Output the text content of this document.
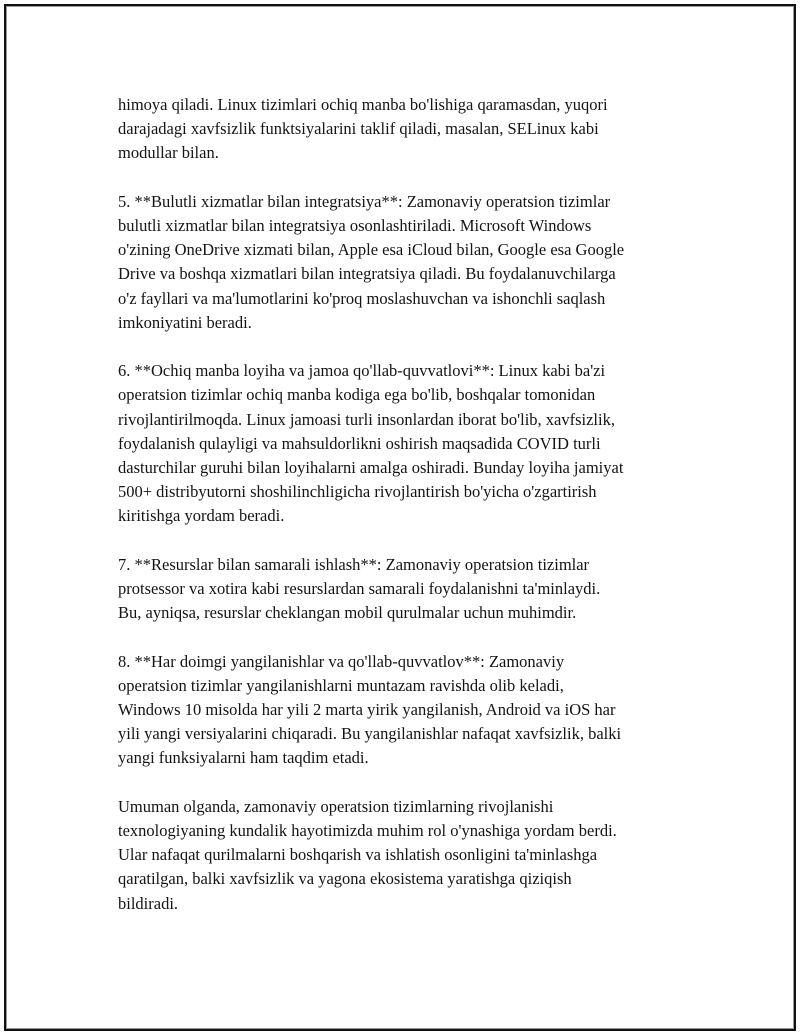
himoya qiladi. Linux tizimlari ochiq manba bo'lishiga qaramasdan, yuqori
darajadagi xavfsizlik funktsiyalarini taklif qiladi, masalan, SELinux kabi
modullar bilan.

5. **Bulutli xizmatlar bilan integratsiya**: Zamonaviy operatsion tizimlar
bulutli xizmatlar bilan integratsiya osonlashtiriladi. Microsoft Windows
o'zining OneDrive xizmati bilan, Apple esa iCloud bilan, Google esa Google
Drive va boshqa xizmatlari bilan integratsiya qiladi. Bu foydalanuvchilarga
o'z fayllari va ma'lumotlarini ko'proq moslashuvchan va ishonchli saqlash
imkoniyatini beradi.

6. **Ochiq manba loyiha va jamoa qo'llab-quvvatlovi**: Linux kabi ba'zi
operatsion tizimlar ochiq manba kodiga ega bo'lib, boshqalar tomonidan
rivojlantirilmoqda. Linux jamoasi turli insonlardan iborat bo'lib, xavfsizlik,
foydalanish qulayligi va mahsuldorlikni oshirish maqsadida COVID turli
dasturchilar guruhi bilan loyihalarni amalga oshiradi. Bunday loyiha jamiyat
500+ distribyutorni shoshilinchligicha rivojlantirish bo'yicha o'zgartirish
kiritishga yordam beradi.

7. **Resurslar bilan samarali ishlash**: Zamonaviy operatsion tizimlar
protsessor va xotira kabi resurslardan samarali foydalanishni ta'minlaydi.
Bu, ayniqsa, resurslar cheklangan mobil qurulmalar uchun muhimdir.

8. **Har doimgi yangilanishlar va qo'llab-quvvatlov**: Zamonaviy
operatsion tizimlar yangilanishlarni muntazam ravishda olib keladi,
Windows 10 misolda har yili 2 marta yirik yangilanish, Android va iOS har
yili yangi versiyalarini chiqaradi. Bu yangilanishlar nafaqat xavfsizlik, balki
yangi funksiyalarni ham taqdim etadi.

Umuman olganda, zamonaviy operatsion tizimlarning rivojlanishi
texnologiyaning kundalik hayotimizda muhim rol o'ynashiga yordam berdi.
Ular nafaqat qurilmalarni boshqarish va ishlatish osonligini ta'minlashga
qaratilgan, balki xavfsizlik va yagona ekosistema yaratishga qiziqish
bildiradi.
